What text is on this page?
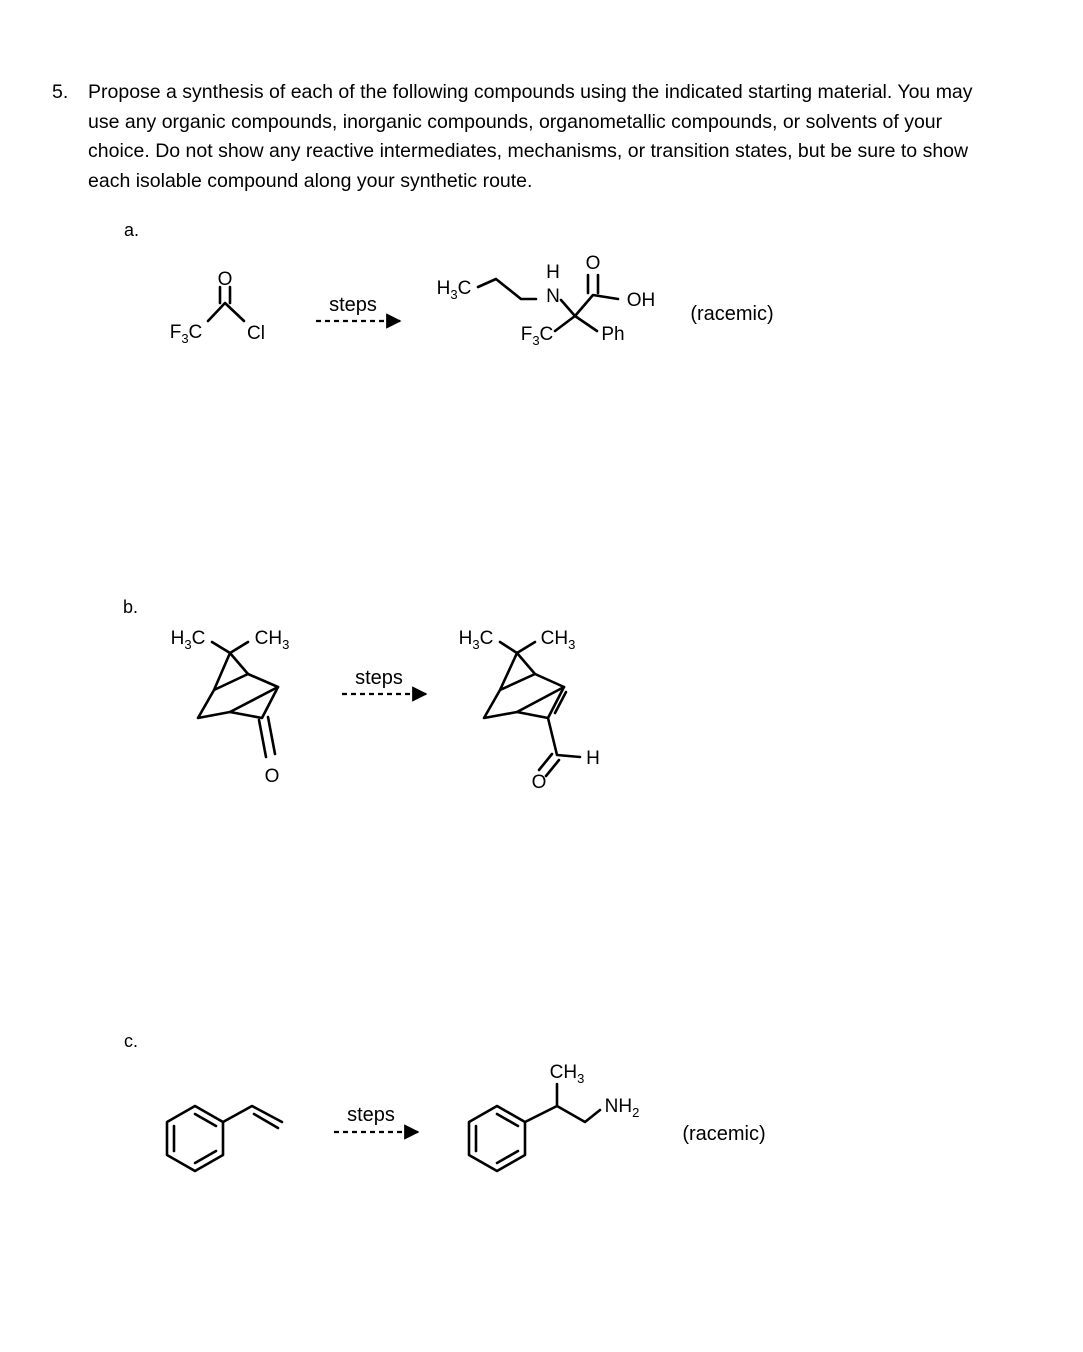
5. Propose a synthesis of each of the following compounds using the indicated starting material. You may use any organic compounds, inorganic compounds, organometallic compounds, or solvents of your choice. Do not show any reactive intermediates, mechanisms, or transition states, but be sure to show each isolable compound along your synthetic route.
a.
b.
c.
O
$F_3C$ Cl
steps
$H_3C$
H
N
O
OH
$F_3C$	Ph
(racemic)
$H_3C$	$CH_3$
O
steps
$H_3C$ $CH_3$
O
H
steps
$CH_3$
$NH_2$
(racemic)
